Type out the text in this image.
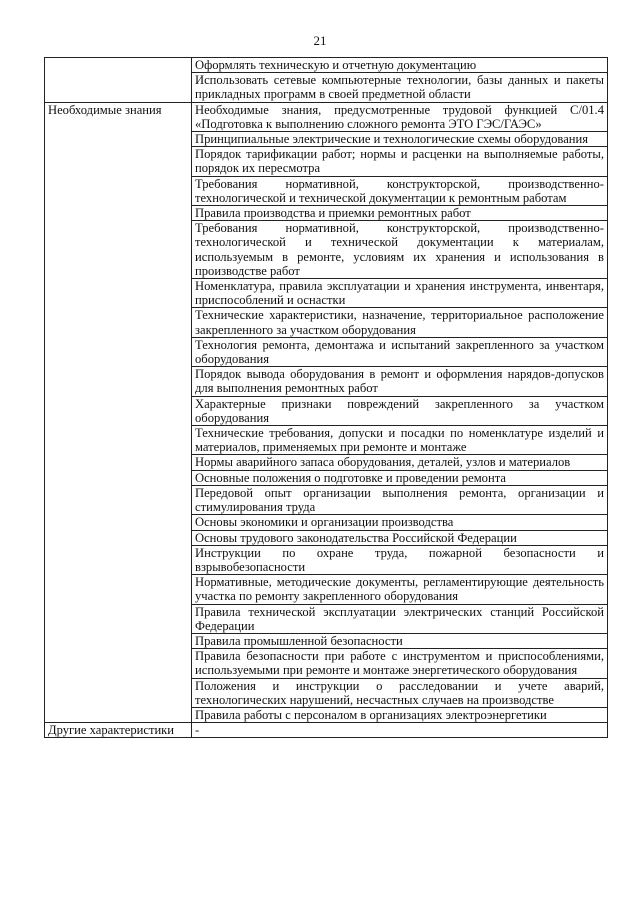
21
	Оформлять техническую и отчетную документацию
	Использовать сетевые компьютерные технологии, базы данных и пакеты прикладных программ в своей предметной области
Необходимые знания	Необходимые знания, предусмотренные трудовой функцией С/01.4 «Подготовка к выполнению сложного ремонта ЭТО ГЭС/ГАЭС»
	Принципиальные электрические и технологические схемы оборудования
	Порядок тарификации работ; нормы и расценки на выполняемые работы, порядок их пересмотра
	Требования нормативной, конструкторской, производственно-технологической и технической документации к ремонтным работам
	Правила производства и приемки ремонтных работ
	Требования нормативной, конструкторской, производственно-технологической и технической документации к материалам, используемым в ремонте, условиям их хранения и использования в производстве работ
	Номенклатура, правила эксплуатации и хранения инструмента, инвентаря, приспособлений и оснастки
	Технические характеристики, назначение, территориальное расположение закрепленного за участком оборудования
	Технология ремонта, демонтажа и испытаний закрепленного за участком оборудования
	Порядок вывода оборудования в ремонт и оформления нарядов-допусков для выполнения ремонтных работ
	Характерные признаки повреждений закрепленного за участком оборудования
	Технические требования, допуски и посадки по номенклатуре изделий и материалов, применяемых при ремонте и монтаже
	Нормы аварийного запаса оборудования, деталей, узлов и материалов
	Основные положения о подготовке и проведении ремонта
	Передовой опыт организации выполнения ремонта, организации и стимулирования труда
	Основы экономики и организации производства
	Основы трудового законодательства Российской Федерации
	Инструкции по охране труда, пожарной безопасности и взрывобезопасности
	Нормативные, методические документы, регламентирующие деятельность участка по ремонту закрепленного оборудования
	Правила технической эксплуатации электрических станций Российской Федерации
	Правила промышленной безопасности
	Правила безопасности при работе с инструментом и приспособлениями, используемыми при ремонте и монтаже энергетического оборудования
	Положения и инструкции о расследовании и учете аварий, технологических нарушений, несчастных случаев на производстве
	Правила работы с персоналом в организациях электроэнергетики
Другие характеристики	-
